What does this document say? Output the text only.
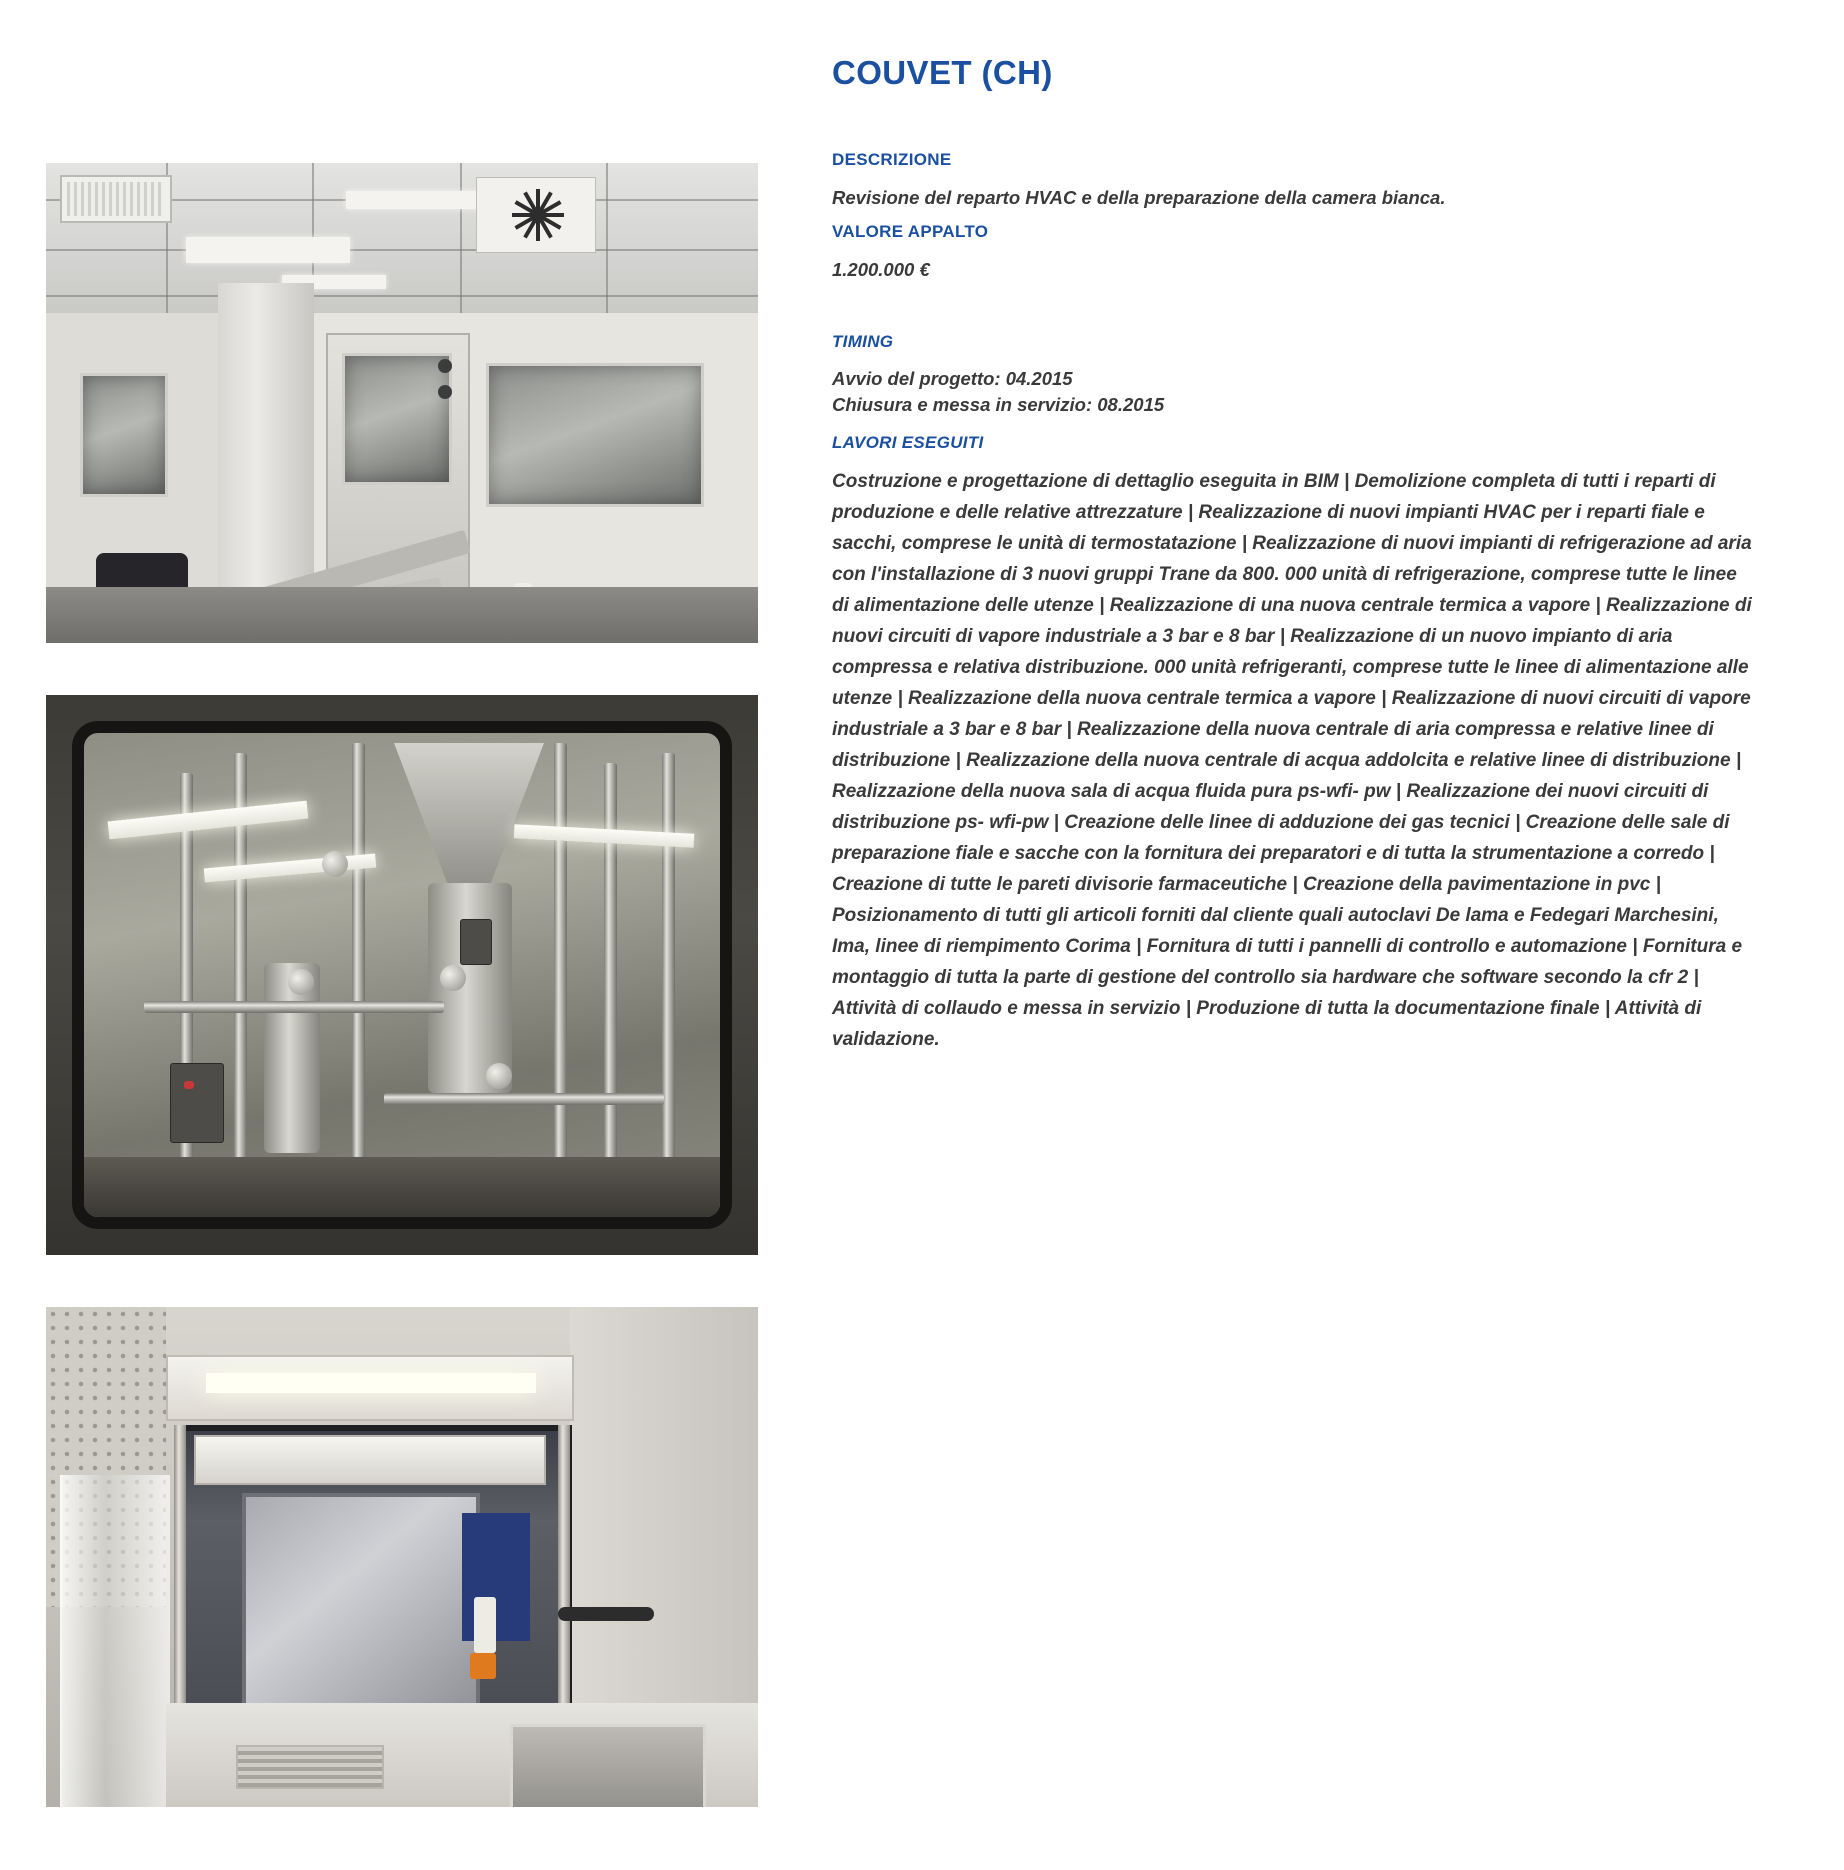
COUVET (CH)
DESCRIZIONE

Revisione del reparto HVAC e della preparazione della camera bianca.

VALORE APPALTO

1.200.000 €

TIMING

Avvio del progetto: 04.2015

Chiusura e messa in servizio: 08.2015

LAVORI ESEGUITI

Costruzione e progettazione di dettaglio eseguita in BIM | Demolizione completa di tutti i reparti di produzione e delle relative attrezzature | Realizzazione di nuovi impianti HVAC per i reparti fiale e sacchi, comprese le unità di termostatazione | Realizzazione di nuovi impianti di refrigerazione ad aria con l'installazione di 3 nuovi gruppi Trane da 800. 000 unità di refrigerazione, comprese tutte le linee di alimentazione delle utenze | Realizzazione di una nuova centrale termica a vapore | Realizzazione di nuovi circuiti di vapore industriale a 3 bar e 8 bar | Realizzazione di un nuovo impianto di aria compressa e relativa distribuzione. 000 unità refrigeranti, comprese tutte le linee di alimentazione alle utenze | Realizzazione della nuova centrale termica a vapore | Realizzazione di nuovi circuiti di vapore industriale a 3 bar e 8 bar | Realizzazione della nuova centrale di aria compressa e relative linee di distribuzione | Realizzazione della nuova centrale di acqua addolcita e relative linee di distribuzione | Realizzazione della nuova sala di acqua fluida pura ps-wfi- pw | Realizzazione dei nuovi circuiti di distribuzione ps- wfi-pw | Creazione delle linee di adduzione dei gas tecnici | Creazione delle sale di preparazione fiale e sacche con la fornitura dei preparatori e di tutta la strumentazione a corredo | Creazione di tutte le pareti divisorie farmaceutiche | Creazione della pavimentazione in pvc | Posizionamento di tutti gli articoli forniti dal cliente quali autoclavi De lama e Fedegari Marchesini, Ima, linee di riempimento Corima | Fornitura di tutti i pannelli di controllo e automazione | Fornitura e montaggio di tutta la parte di gestione del controllo sia hardware che software secondo la cfr 2 | Attività di collaudo e messa in servizio | Produzione di tutta la documentazione finale | Attività di validazione.
